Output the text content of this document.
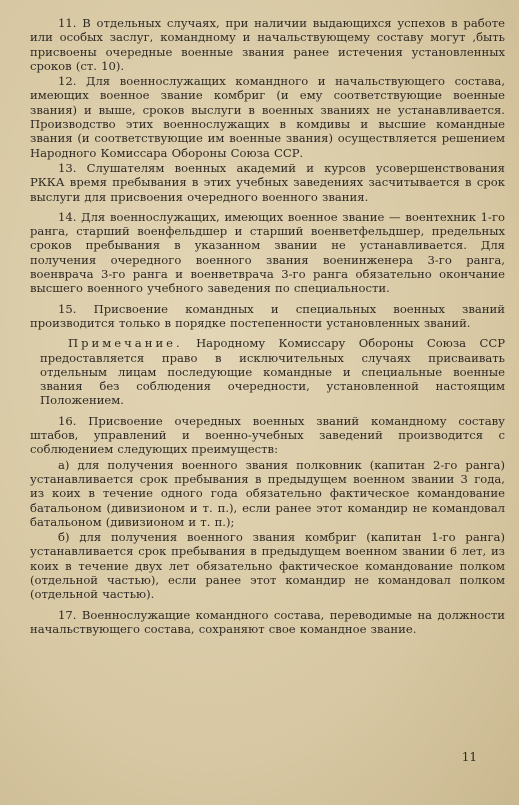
11. В отдельных случаях, при наличии выдающихся успехов в работе или особых заслуг, командному и начальствующему составу могут ,быть присвоены очередные военные звания ранее истечения установленных сроков (ст. 10).

12. Для военнослужащих командного и начальствующего состава, имеющих военное звание комбриг (и ему соответствующие военные звания) и выше, сроков выслуги в военных званиях не устанавливается. Производство этих военнослужащих в комдивы и высшие командные звания (и соответствующие им военные звания) осуществляется решением Народного Комиссара Обороны Союза ССР.

13. Слушателям военных академий и курсов усовершенствования РККА время пребывания в этих учебных заведениях засчитывается в срок выслуги для присвоения очередного военного звания.

14. Для военнослужащих, имеющих военное звание — воентехник 1-го ранга, старший военфельдшер и старший военветфельдшер, предельных сроков пребывания в указанном звании не устанавливается. Для получения очередного военного звания военинженера 3-го ранга, военврача 3-го ранга и военветврача 3-го ранга обязательно окончание высшего военного учебного заведения по специальности.

15. Присвоение командных и специальных военных званий производится только в порядке постепенности установленных званий.

Примечание. Народному Комиссару Обороны Союза ССР предоставляется право в исключительных случаях присваивать отдельным лицам последующие командные и специальные военные звания без соблюдения очередности, установленной настоящим Положением.

16. Присвоение очередных военных званий командному составу штабов, управлений и военно-учебных заведений производится с соблюдением следующих преимуществ:

а) для получения военного звания полковник (капитан 2-го ранга) устанавливается срок пребывания в предыдущем военном звании 3 года, из коих в течение одного года обязательно фактическое командование батальоном (дивизионом и т. п.), если ранее этот командир не командовал батальоном (дивизионом и т. п.);

б) для получения военного звания комбриг (капитан 1-го ранга) устанавливается срок пребывания в предыдущем военном звании 6 лет, из коих в течение двух лет обязательно фактическое командование полком (отдельной частью), если ранее этот командир не командовал полком (отдельной частью).

17. Военнослужащие командного состава, переводимые на должности начальствующего состава, сохраняют свое командное звание.

11
